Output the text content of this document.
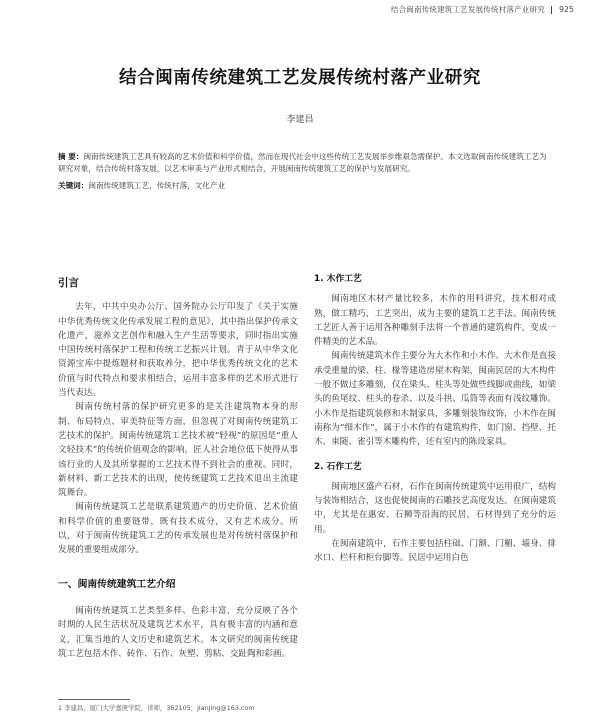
结合闽南传统建筑工艺发展传统村落产业研究 925
结合闽南传统建筑工艺发展传统村落产业研究
李建昌
摘 要：闽南传统建筑工艺具有较高的艺术价值和科学价值，然而在现代社会中这些传统工艺发展举步维艰急需保护。本文选取闽南传统建筑工艺为研究对象，结合传统村落发展，以艺术审美与产业形式相结合，开展闽南传统建筑工艺的保护与发展研究。
关键词：闽南传统建筑工艺，传统村落，文化产业
引言

去年，中共中央办公厅、国务院办公厅印发了《关于实施中华优秀传统文化传承发展工程的意见》，其中指出保护传承文化遗产，滋养文艺创作和融入生产生活等要求，同时指出实施中国传统村落保护工程和传统工艺振兴计划。青于从中华文化资源宝库中提炼题材和获取养分，把中华优秀传统文化的艺术价值与时代特点和要求相结合，运用丰富多样的艺术形式进行当代表达。

闽南传统村落的保护研究更多的是关注建筑物本身的形制、布局特点、审美特征等方面，但忽视了对闽南传统建筑工艺技术的保护。闽南传统建筑工艺技术被“轻视”的原因是“重人文轻技术”的传统价值观念的影响，匠人社会地位低下使得从事该行业的人及其所掌握的工艺技术得不到社会的重视。同时，新材料、新工艺技术的出现，使传统建筑工艺技术退出主流建筑舞台。

闽南传统建筑工艺是联系建筑遗产的历史价值、艺术价值和科学价值的重要链带，既有技术成分，又有艺术成分。所以，对于闽南传统建筑工艺的传承发展也是对传统村落保护和发展的重要组成部分。

一、闽南传统建筑工艺介绍

闽南传统建筑工艺类型多样、色彩丰富，充分反映了各个时期的人民生活状况及建筑艺术水平，具有极丰富的内涵和意义，汇集当地的人文历史和建筑艺术。本文研究的闽南传统建筑工艺包括木作、砖作、石作、灰塑、剪粘、交趾陶和彩画。

1. 木作工艺

闽南地区木材产量比较多，木作的用料讲究，技术相对成熟，做工精巧，工艺突出，成为主要的建筑工艺手法。闽南传统工艺匠人善于运用各种雕刻手法将一个普通的建筑构件，变成一件精美的艺术品。

闽南传统建筑木作主要分为大木作和小木作。大木作是直接承受重量的梁、柱、椽等建造房屋木构架，闽南民居的大木构件一般不做过多雕刻，仅在梁头、柱头等处做些线脚或曲线，如梁头的鱼尾纹、柱头的卷杀、以及斗拱、瓜筒等表面有浅纹雕饰。小木作是指建筑装修和木制家具，多雕刻装饰纹饰，小木作在闽南称为“细木作”，属于小木作的有建筑构件，如门窗、挡壁、托木、束随、雀引等木雕构件，还有室内的陈设家具。

2. 石作工艺

闽南地区盛产石材，石作在闽南传统建筑中运用很广，结构与装饰相结合，这也促使闽南的石雕技艺高度发达。在闽南建筑中，尤其是在惠安、石狮等沿海的民居，石材得到了充分的运用。

在闽南建筑中，石作主要包括柱础、门额、门楣、墙身、排水口、栏杆和柜台脚等。民居中运用白色

1 李建昌，厦门大学嘉庚学院，讲师，362105，jianjing@163.com
